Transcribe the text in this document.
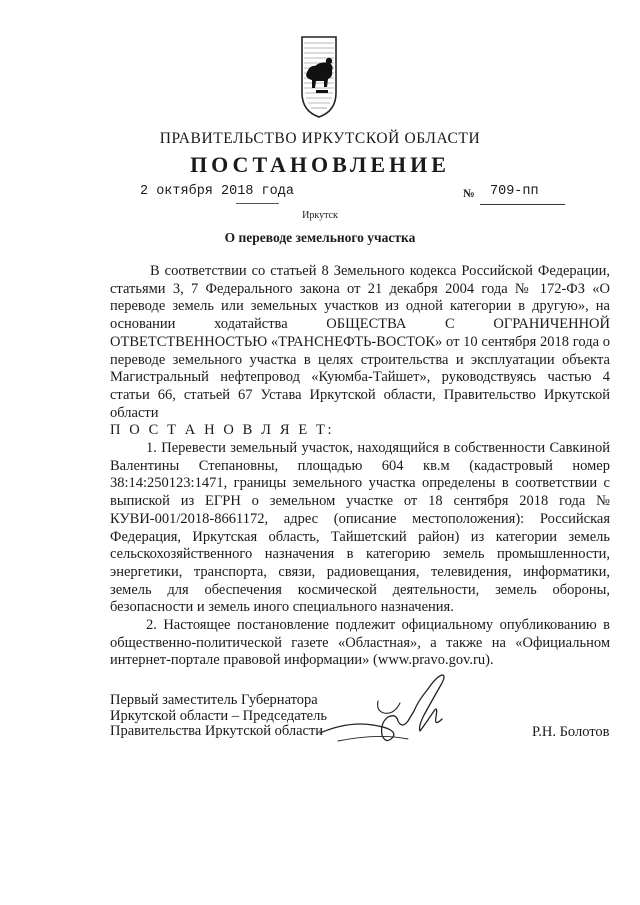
ПРАВИТЕЛЬСТВО ИРКУТСКОЙ ОБЛАСТИ
ПОСТАНОВЛЕНИЕ
2 октября 2018 года	№ 709-пп
Иркутск
О переводе земельного участка

В соответствии со статьей 8 Земельного кодекса Российской Федерации, статьями 3, 7 Федерального закона от 21 декабря 2004 года № 172-ФЗ «О переводе земель или земельных участков из одной категории в другую», на основании ходатайства ОБЩЕСТВА С ОГРАНИЧЕННОЙ ОТВЕТСТВЕННОСТЬЮ «ТРАНСНЕФТЬ-ВОСТОК» от 10 сентября 2018 года о переводе земельного участка в целях строительства и эксплуатации объекта Магистральный нефтепровод «Куюмба-Тайшет», руководствуясь частью 4 статьи 66, статьей 67 Устава Иркутской области, Правительство Иркутской области

П О С Т А Н О В Л Я Е Т:

1. Перевести земельный участок, находящийся в собственности Савкиной Валентины Степановны, площадью 604 кв.м (кадастровый номер 38:14:250123:1471, границы земельного участка определены в соответствии с выпиской из ЕГРН о земельном участке от 18 сентября 2018 года № КУВИ-001/2018-8661172, адрес (описание местоположения): Российская Федерация, Иркутская область, Тайшетский район) из категории земель сельскохозяйственного назначения в категорию земель промышленности, энергетики, транспорта, связи, радиовещания, телевидения, информатики, земель для обеспечения космической деятельности, земель обороны, безопасности и земель иного специального назначения.

2. Настоящее постановление подлежит официальному опубликованию в общественно-политической газете «Областная», а также на «Официальном интернет-портале правовой информации» (www.pravo.gov.ru).

Первый заместитель Губернатора
Иркутской области – Председатель
Правительства Иркутской области	Р.Н. Болотов
